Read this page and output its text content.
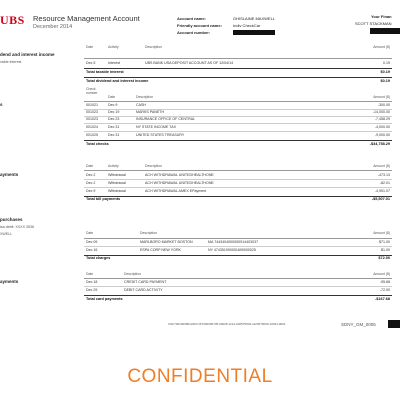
UBS Resource Management Account
December 2014
Account name:	GHISLAINE MAXWELL
Friendly account name:	Indiv CheckCar
Account number:
Your Finan
SCOTT STACKMAN
dend and interest income
xable interest
Date	Activity	Description	Amount ($)
Dec 5	Interest	UBS BANK USA DEPOSIT ACCOUNT AS OF 12/04/14	0.19
Total taxable interest	$0.19
Total dividend and interest income	$0.19
s
Check number
Date	Description	Amount ($)
001021	Dec 9	CASH	-300.00
001023	Dec 19	MARKS PANETH	-14,000.00
001023	Dec 23	INSURANCE OFFICE OF CENTRAL	-7,458.29
001024	Dec 31	NY STATE INCOME TAX	-4,000.00
001025	Dec 31	UNITED STATES TREASURY	-9,000.00
Total checks	-$34,758.29
ayments
Date	Activity	Description	Amount ($)
Dec 2	Withdrawal	ACH WITHDRAWAL UNITEDHEALTHONE	-473.13
Dec 2	Withdrawal	ACH WITHDRAWAL UNITEDHEALTHONE	-82.01
Dec 9	Withdrawal	ACH WITHDRAWAL AMEX EPayment	-4,951.07
Total bill payments	-$5,507.01
purchases
isa debit: XXXX 3536
XWELL	Date	Description	Amount ($)
Dec 09	MARLBORO MARKET BOSTON	MA 7443404000000914403037	$71.00
Dec 16	ESPA CORP NEW YORK	NY 474351900001690000025	$1.00
Total charges	$72.00
ayments
Date	Description	Amount ($)
Dec 18	CREDIT CARD PAYMENT	-95.68
Dec 29	DEBIT CARD ACTIVITY	-72.00
Total card payments	-$167.68
CNF7001000801249I NF7000005735-00008 1214-020575004-1123576050-10034-0001	SDNY_GM_0005
CONFIDENTIAL
